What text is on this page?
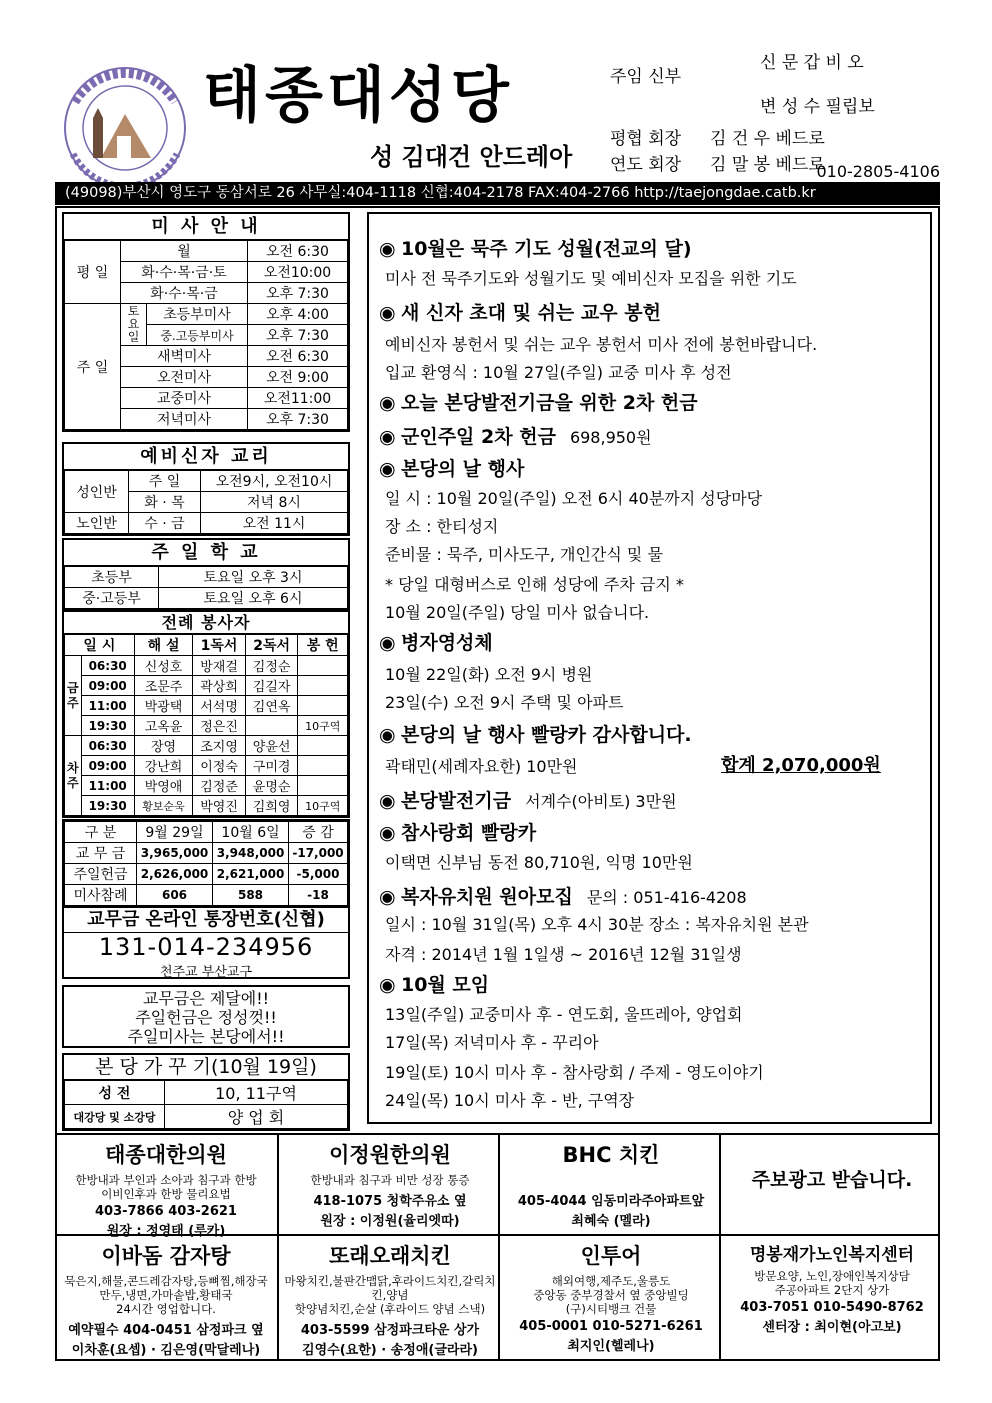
태종대성당
성 김대건 안드레아
신 문 갑 비 오
주임 신부
변 성 수 필립보
평협 회장 김 건 우 베드로
연도 회장 김 말 봉 베드로
010-2805-4106
(49098)부산시 영도구 동삼서로 26 사무실:404-1118 신협:404-2178 FAX:404-2766 http://taejongdae.catb.kr
미 사 안 내
평 일	월		오전 6:30
	화·수·목·금·토		오전10:00
	화·수·목·금		오후 7:30
주 일	토요일	초등부미사	오후 4:00
		중.고등부미사	오후 7:30
	새벽미사		오전 6:30
	오전미사		오전 9:00
	교중미사		오전11:00
	저녁미사		오후 7:30
예비신자 교리
성인반	주 일	오전9시, 오전10시
	화 · 목	저녁 8시
노인반	수 · 금	오전 11시
주 일 학 교
초등부	토요일 오후 3시
중·고등부	토요일 오후 6시
전례 봉사자
일 시		해 설	1독서	2독서	봉 헌
금주	06:30	신성호	방재걸	김정순	
	09:00	조문주	곽상희	김길자	
	11:00	박광택	서석명	김연옥	
	19:30	고옥윤	정은진		10구역
차주	06:30	장영	조지영	양윤선	
	09:00	강난희	이정숙	구미경	
	11:00	박영애	김정준	윤명순	
	19:30	황보순욱	박영진	김희영	10구역
구 분	9월 29일	10월 6일	증 감
교 무 금	3,965,000	3,948,000	-17,000
주일헌금	2,626,000	2,621,000	-5,000
미사참례	606	588	-18
교무금 온라인 통장번호(신협)
131-014-234956
천주교 부산교구
교무금은 제달에!!
주일헌금은 정성껏!!
주일미사는 본당에서!!
본 당 가 꾸 기(10월 19일)
성 전	10, 11구역
대강당 및 소강당	양 업 회
◉ 10월은 묵주 기도 성월(전교의 달)
미사 전 묵주기도와 성월기도 및 예비신자 모집을 위한 기도
◉ 새 신자 초대 및 쉬는 교우 봉헌
예비신자 봉헌서 및 쉬는 교우 봉헌서 미사 전에 봉헌바랍니다.
입교 환영식 : 10월 27일(주일) 교중 미사 후 성전
◉ 오늘 본당발전기금을 위한 2차 헌금
◉ 군인주일 2차 헌금 698,950원
◉ 본당의 날 행사
일 시 : 10월 20일(주일) 오전 6시 40분까지 성당마당
장 소 : 한티성지
준비물 : 묵주, 미사도구, 개인간식 및 물
* 당일 대형버스로 인해 성당에 주차 금지 *
10월 20일(주일) 당일 미사 없습니다.
◉ 병자영성체
10월 22일(화) 오전 9시 병원
23일(수) 오전 9시 주택 및 아파트
◉ 본당의 날 행사 빨랑카 감사합니다.
곽태민(세례자요한) 10만원
◉ 본당발전기금 서계수(아비토) 3만원
◉ 참사랑회 빨랑카
이택면 신부님 동전 80,710원, 익명 10만원
◉ 복자유치원 원아모집 문의 : 051-416-4208
일시 : 10월 31일(목) 오후 4시 30분 장소 : 복자유치원 본관
자격 : 2014년 1월 1일생 ~ 2016년 12월 31일생
◉ 10월 모임
13일(주일) 교중미사 후 - 연도회, 울뜨레아, 양업회
17일(목) 저녁미사 후 - 꾸리아
19일(토) 10시 미사 후 - 참사랑회 / 주제 - 영도이야기
24일(목) 10시 미사 후 - 반, 구역장
합계 2,070,000원
태종대한의원
한방내과 부인과 소아과 침구과 한방
이비인후과 한방 물리요법
403-7866 403-2621
원장 : 정영태 (루카)
이정원한의원
한방내과 침구과 비만 성장 통증
418-1075 청학주유소 옆
원장 : 이정원(율리엣따)
BHC 치킨
405-4044 임동미라주아파트앞
최혜숙 (멜라)
주보광고 받습니다.
이바돔 감자탕
묵은지,해물,콘드레감자탕,등뼈찜,해장국
만두,냉면,가마솥밥,황태국
24시간 영업합니다.
예약필수 404-0451 삼정파크 옆
이차훈(요셉) · 김은영(막달레나)
또래오래치킨
마왕치킨,불판간맵닭,후라이드치킨,갈릭치킨,양념
핫양념치킨,순살 (후라이드 양념 스낵)
403-5599 삼정파크타운 상가
김영수(요한) · 송정애(글라라)
인투어
해외여행,제주도,울릉도
중앙동 중부경찰서 옆 중앙빌딩
(구)시티뱅크 건물
405-0001 010-5271-6261
최지인(헬레나)
명봉재가노인복지센터
방문요양, 노인,장애인복지상담
주공아파트 2단지 상가
403-7051 010-5490-8762
센터장 : 최이현(아고보)
